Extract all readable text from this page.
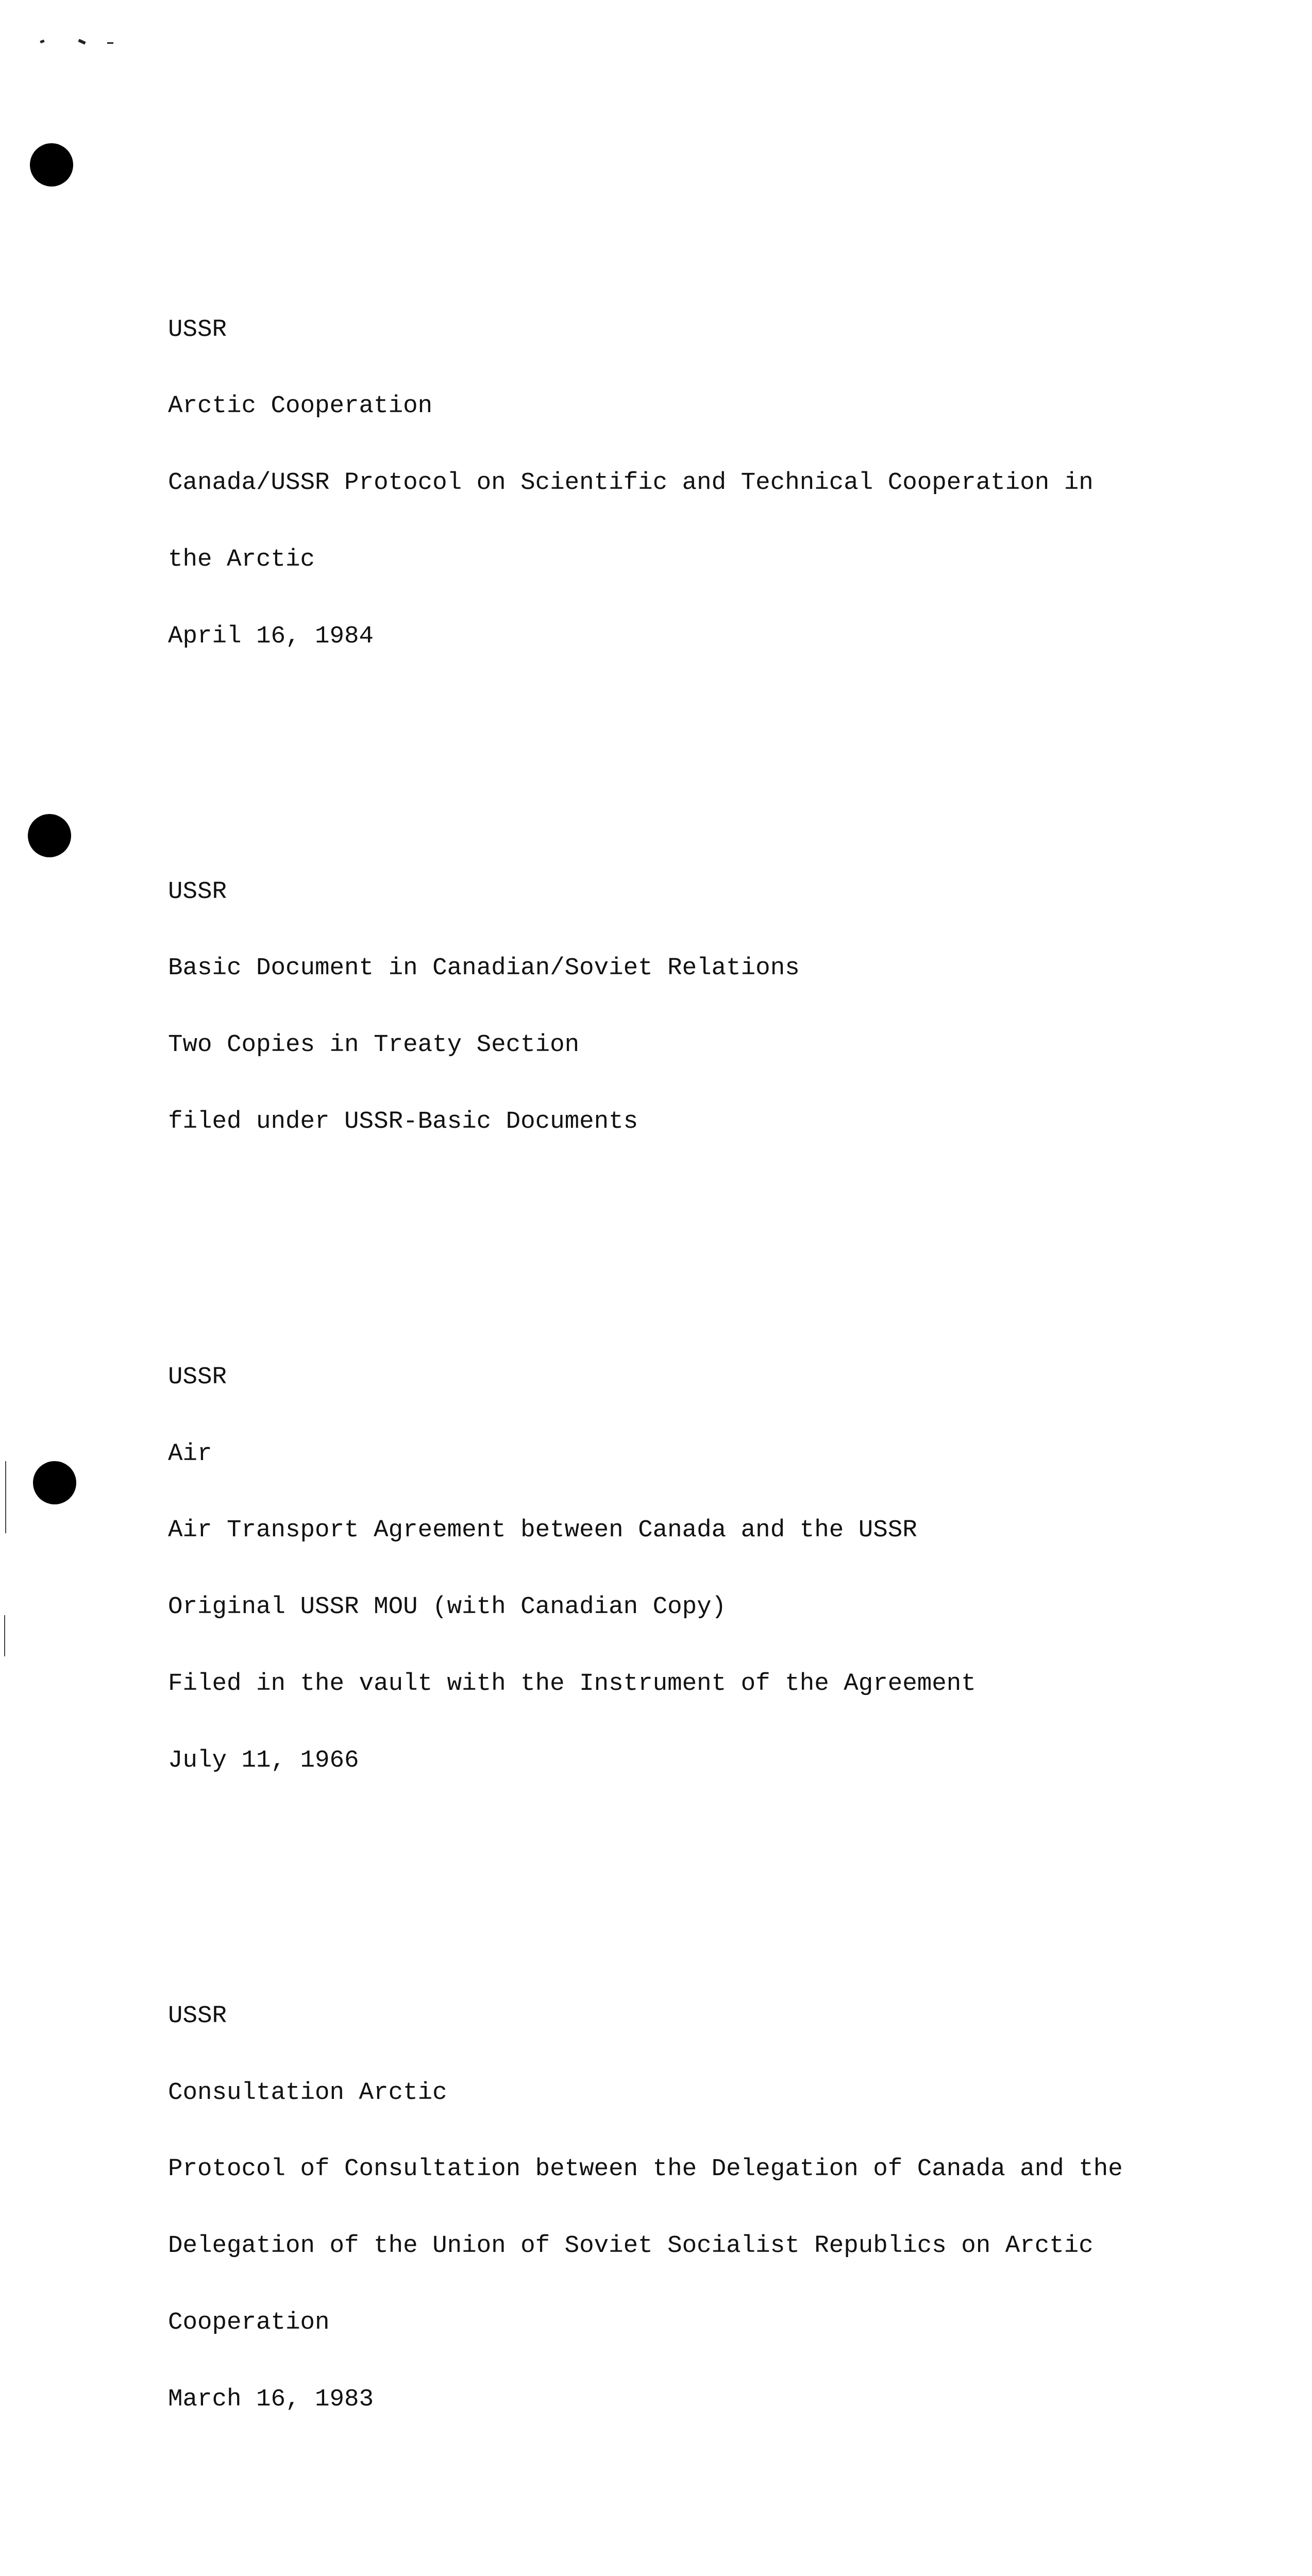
USSR

Arctic Cooperation

Canada/USSR Protocol on Scientific and Technical Cooperation in

the Arctic

April 16, 1984

USSR

Basic Document in Canadian/Soviet Relations

Two Copies in Treaty Section

filed under USSR-Basic Documents

USSR

Air

Air Transport Agreement between Canada and the USSR

Original USSR MOU (with Canadian Copy)

Filed in the vault with the Instrument of the Agreement

July 11, 1966

USSR

Consultation Arctic

Protocol of Consultation between the Delegation of Canada and the

Delegation of the Union of Soviet Socialist Republics on Arctic

Cooperation

March 16, 1983
